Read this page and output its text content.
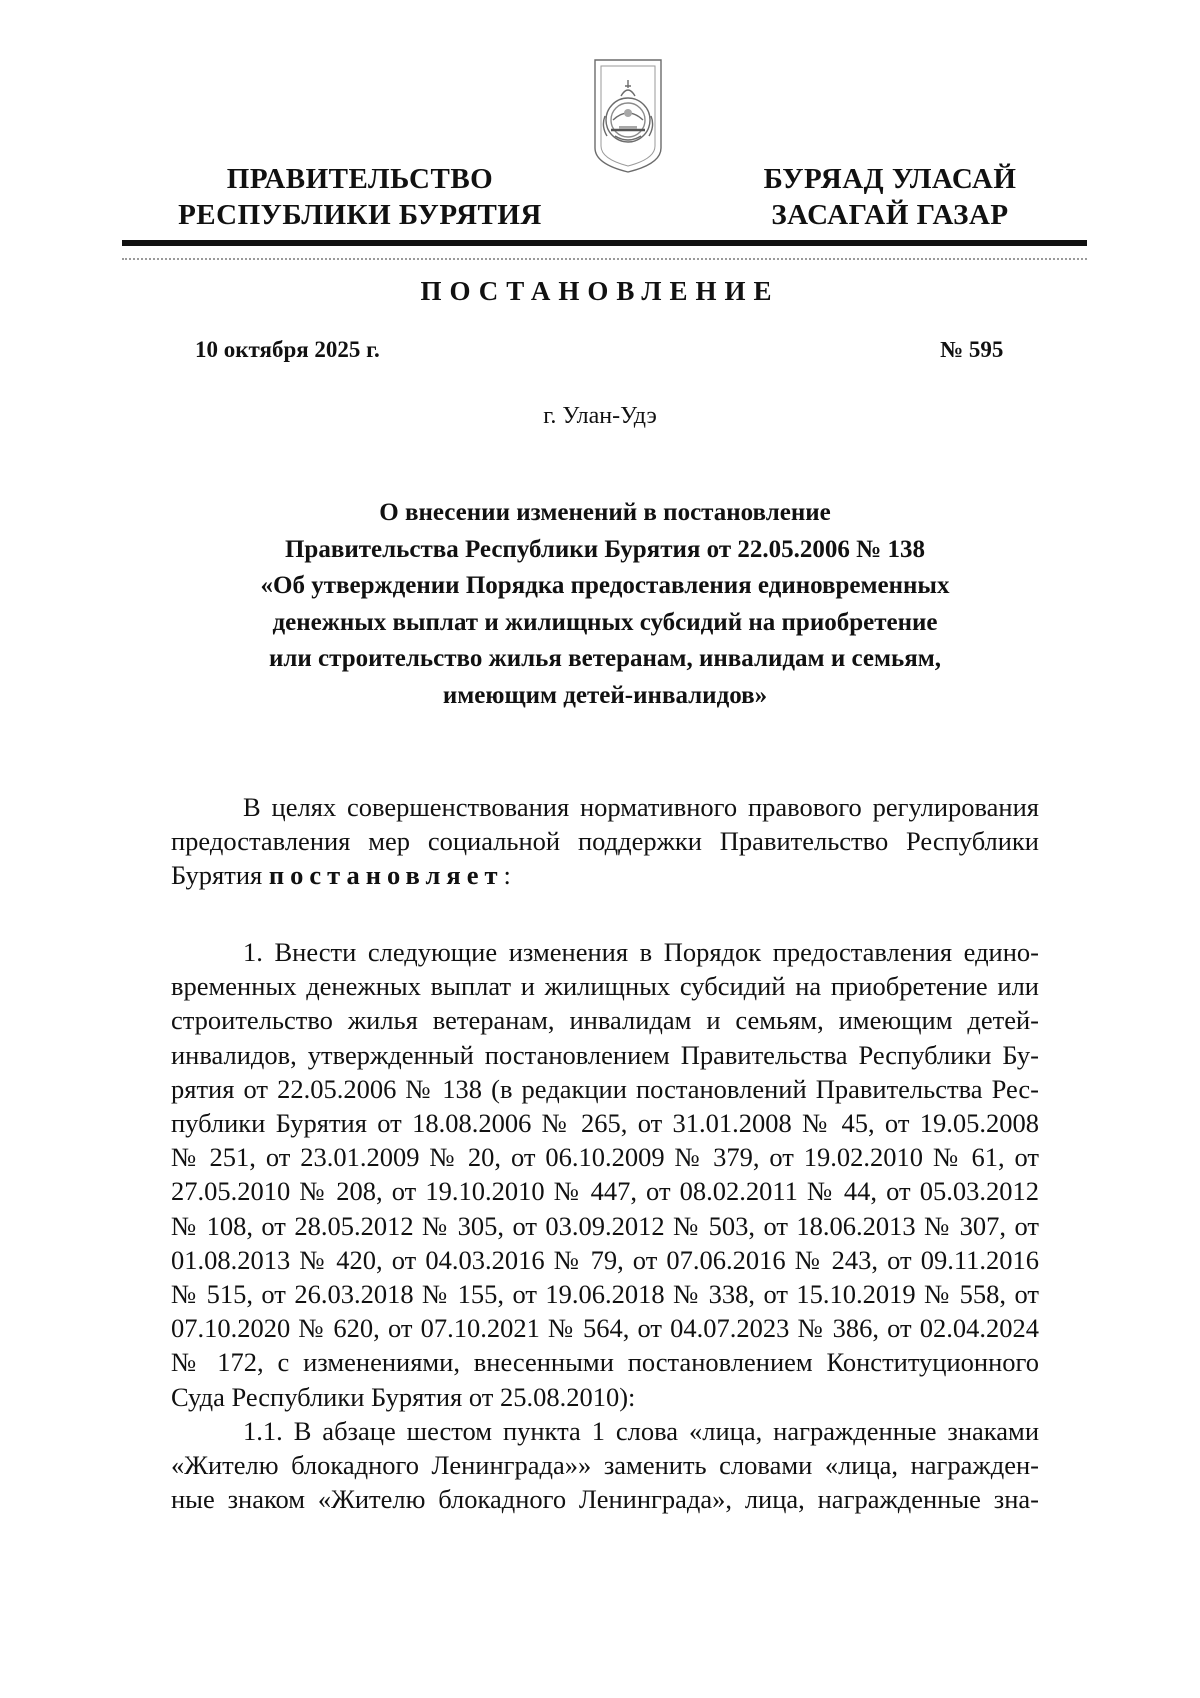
ПРАВИТЕЛЬСТВО
РЕСПУБЛИКИ БУРЯТИЯ
БУРЯАД УЛАСАЙ
ЗАСАГАЙ ГАЗАР
ПОСТАНОВЛЕНИЕ
10 октября 2025 г.	№ 595
г. Улан-Удэ
О внесении изменений в постановление
Правительства Республики Бурятия от 22.05.2006 № 138
«Об утверждении Порядка предоставления единовременных
денежных выплат и жилищных субсидий на приобретение
или строительство жилья ветеранам, инвалидам и семьям,
имеющим детей-инвалидов»
В целях совершенствования нормативного правового регулирования
предоставления мер социальной поддержки Правительство Республики
Бурятия постановляет:
1. Внести следующие изменения в Порядок предоставления едино-
временных денежных выплат и жилищных субсидий на приобретение или
строительство жилья ветеранам, инвалидам и семьям, имеющим детей-
инвалидов, утвержденный постановлением Правительства Республики Бу-
рятия от 22.05.2006 № 138 (в редакции постановлений Правительства Рес-
публики Бурятия от 18.08.2006 № 265, от 31.01.2008 № 45, от 19.05.2008
№ 251, от 23.01.2009 № 20, от 06.10.2009 № 379, от 19.02.2010 № 61, от
27.05.2010 № 208, от 19.10.2010 № 447, от 08.02.2011 № 44, от 05.03.2012
№ 108, от 28.05.2012 № 305, от 03.09.2012 № 503, от 18.06.2013 № 307, от
01.08.2013 № 420, от 04.03.2016 № 79, от 07.06.2016 № 243, от 09.11.2016
№ 515, от 26.03.2018 № 155, от 19.06.2018 № 338, от 15.10.2019 № 558, от
07.10.2020 № 620, от 07.10.2021 № 564, от 04.07.2023 № 386, от 02.04.2024
№ 172, с изменениями, внесенными постановлением Конституционного
Суда Республики Бурятия от 25.08.2010):
1.1. В абзаце шестом пункта 1 слова «лица, награжденные знаками
«Жителю блокадного Ленинграда»» заменить словами «лица, награжден-
ные знаком «Жителю блокадного Ленинграда», лица, награжденные зна-
